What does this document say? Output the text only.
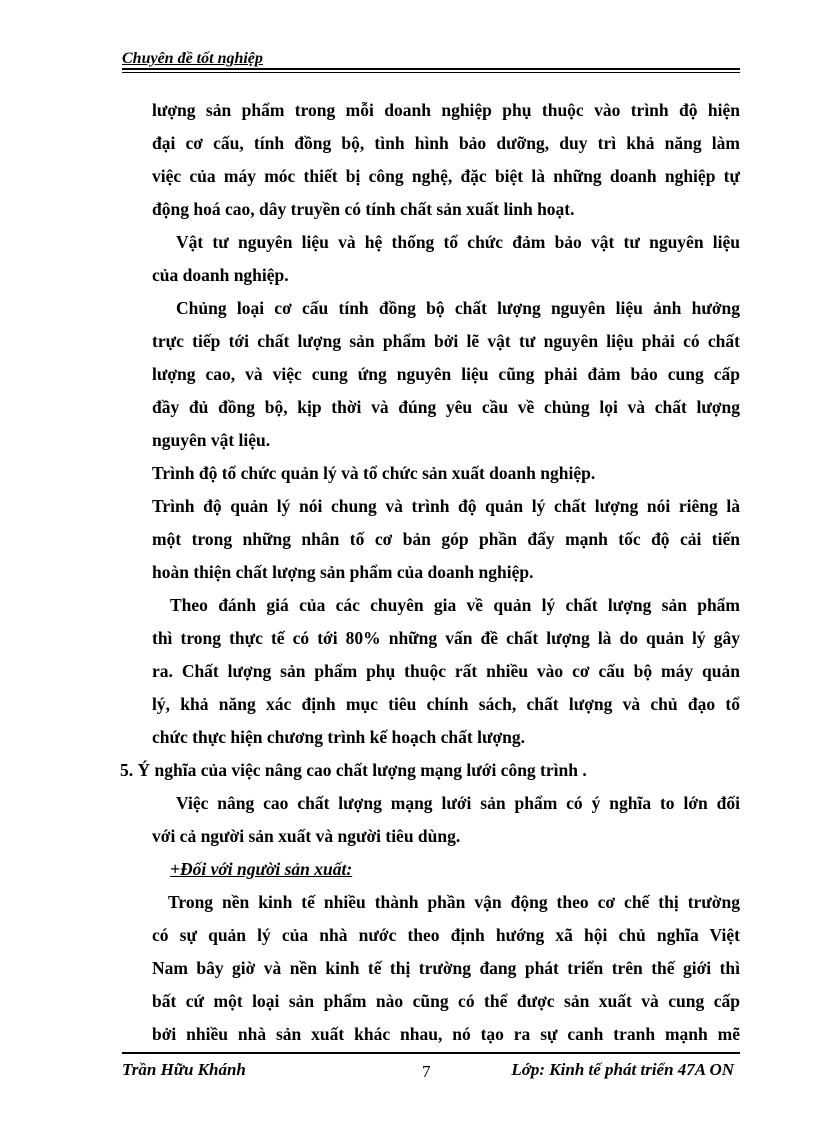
Chuyên đề tốt nghiệp
lượng sản phẩm trong mỗi doanh nghiệp phụ thuộc vào trình độ hiện
đại cơ cấu, tính đồng bộ, tình hình bảo dưỡng, duy trì khả năng làm
việc của máy móc thiết bị công nghệ, đặc biệt là những doanh nghiệp tự
động hoá cao, dây truyền có tính chất sản xuất linh hoạt.
Vật tư nguyên liệu và hệ thống tổ chức đảm bảo vật tư nguyên liệu
của doanh nghiệp.
Chủng loại cơ cấu tính đồng bộ chất lượng nguyên liệu ảnh hưởng
trực tiếp tới chất lượng sản phẩm bởi lẽ vật tư nguyên liệu phải có chất
lượng cao, và việc cung ứng nguyên liệu cũng phải đảm bảo cung cấp
đầy đủ đồng bộ, kịp thời và đúng yêu cầu về chủng lọi và chất lượng
nguyên vật liệu.
Trình độ tổ chức quản lý và tổ chức sản xuất doanh nghiệp.
Trình độ quản lý nói chung và trình độ quản lý chất lượng nói riêng là
một trong những nhân tố cơ bản góp phần đẩy mạnh tốc độ cải tiến
hoàn thiện chất lượng sản phẩm của doanh nghiệp.
Theo đánh giá của các chuyên gia về quản lý chất lượng sản phẩm
thì trong thực tế có tới 80% những vấn đề chất lượng là do quản lý gây
ra. Chất lượng sản phẩm phụ thuộc rất nhiều vào cơ cấu bộ máy quản
lý, khả năng xác định mục tiêu chính sách, chất lượng và chủ đạo tổ
chức thực hiện chương trình kế hoạch chất lượng.
5. Ý nghĩa của việc nâng cao chất lượng mạng lưới công trình .
Việc nâng cao chất lượng mạng lưới sản phẩm có ý nghĩa to lớn đối
với cả người sản xuất và người tiêu dùng.
+Đối với người sản xuất:
Trong nền kinh tế nhiều thành phần vận động theo cơ chế thị trường
có sự quản lý của nhà nước theo định hướng xã hội chủ nghĩa Việt
Nam bây giờ và nền kinh tế thị trường đang phát triển trên thế giới thì
bất cứ một loại sản phẩm nào cũng có thể được sản xuất và cung cấp
bởi nhiều nhà sản xuất khác nhau, nó tạo ra sự canh tranh mạnh mẽ
Trần Hữu Khánh	7	Lớp: Kinh tế phát triển 47A ON
